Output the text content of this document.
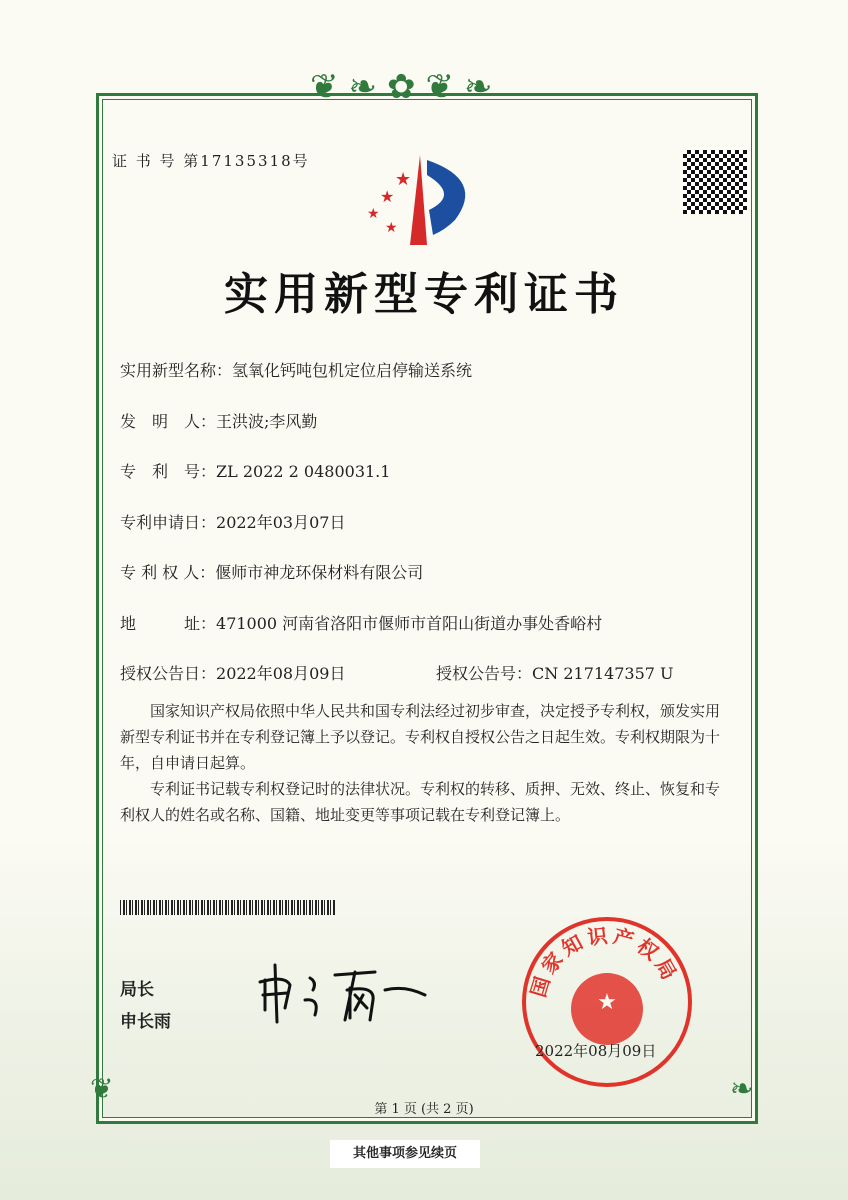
❦❧✿❦❧
❦	❧
证 书 号 第17135318号
★
★
★
★
实用新型专利证书
实用新型名称：氢氧化钙吨包机定位启停输送系统
发　明　人：王洪波;李风勤
专　利　号：ZL 2022 2 0480031.1
专利申请日：2022年03月07日
专 利 权 人：偃师市神龙环保材料有限公司
地　　　址：471000 河南省洛阳市偃师市首阳山街道办事处香峪村
授权公告日：2022年08月09日	授权公告号：CN 217147357 U

国家知识产权局依照中华人民共和国专利法经过初步审查，决定授予专利权，颁发实用新型专利证书并在专利登记簿上予以登记。专利权自授权公告之日起生效。专利权期限为十年，自申请日起算。

专利证书记载专利权登记时的法律状况。专利权的转移、质押、无效、终止、恢复和专利权人的姓名或名称、国籍、地址变更等事项记载在专利登记簿上。

局长
申长雨
国家知识产权局
★
2022年08月09日
第 1 页 (共 2 页)
其他事项参见续页
